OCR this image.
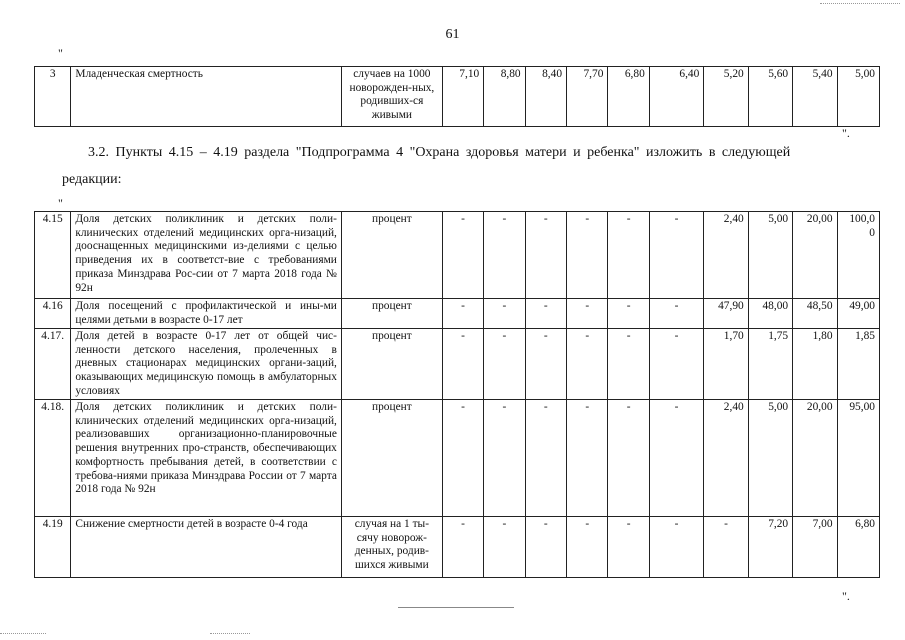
61
"
3	Младенческая смертность	случаев на 1000 новорожден-ных, родивших-ся живыми	7,10	8,80	8,40	7,70	6,80	6,40	5,20	5,60	5,40	5,00
".
3.2. Пункты 4.15 – 4.19 раздела "Подпрограмма 4 "Охрана здоровья матери и ребенка" изложить в следующей
редакции:
"
4.15	Доля детских поликлиник и детских поли-клинических отделений медицинских орга-низаций, дооснащенных медицинскими из-делиями с целью приведения их в соответст-вие с требованиями приказа Минздрава Рос-сии от 7 марта 2018 года № 92н	процент	-	-	-	-	-	-	2,40	5,00	20,00	100,0 0
4.16	Доля посещений с профилактической и ины-ми целями детьми в возрасте 0-17 лет	процент	-	-	-	-	-	-	47,90	48,00	48,50	49,00
4.17.	Доля детей в возрасте 0-17 лет от общей чис-ленности детского населения, пролеченных в дневных стационарах медицинских органи-заций, оказывающих медицинскую помощь в амбулаторных условиях	процент	-	-	-	-	-	-	1,70	1,75	1,80	1,85
4.18.	Доля детских поликлиник и детских поли-клинических отделений медицинских орга-низаций, реализовавших организационно-планировочные решения внутренних про-странств, обеспечивающих комфортность пребывания детей, в соответствии с требова-ниями приказа Минздрава России от 7 марта 2018 года № 92н	процент	-	-	-	-	-	-	2,40	5,00	20,00	95,00
4.19	Снижение смертности детей в возрасте 0-4 года	случая на 1 ты-сячу новорож-денных, родив-шихся живыми	-	-	-	-	-	-	-	7,20	7,00	6,80
".
